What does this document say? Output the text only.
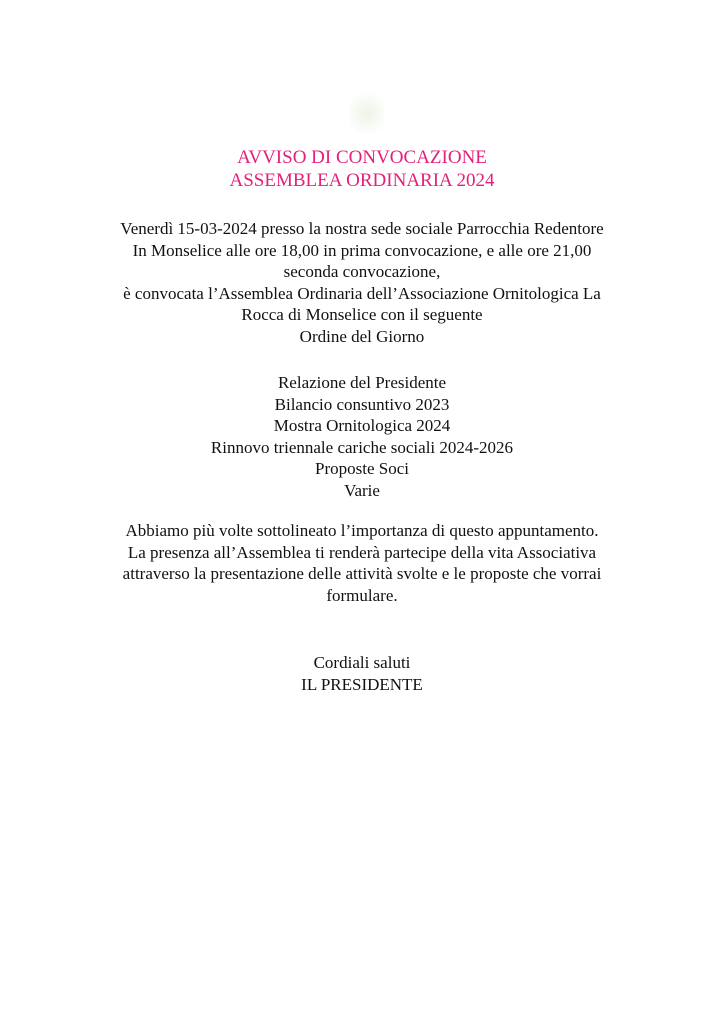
AVVISO DI CONVOCAZIONE
ASSEMBLEA ORDINARIA 2024
Venerdì 15-03-2024 presso la nostra sede sociale Parrocchia Redentore
In Monselice alle ore 18,00 in prima convocazione, e alle ore 21,00
seconda convocazione,
è convocata l’Assemblea Ordinaria dell’Associazione Ornitologica La
Rocca di Monselice con il seguente
Ordine del Giorno
Relazione del Presidente
Bilancio consuntivo 2023
Mostra Ornitologica 2024
Rinnovo triennale cariche sociali 2024-2026
Proposte Soci
Varie
Abbiamo più volte sottolineato l’importanza di questo appuntamento.
La presenza all’Assemblea ti renderà partecipe della vita Associativa
attraverso la presentazione delle attività svolte e le proposte che vorrai
formulare.
Cordiali saluti
IL PRESIDENTE
